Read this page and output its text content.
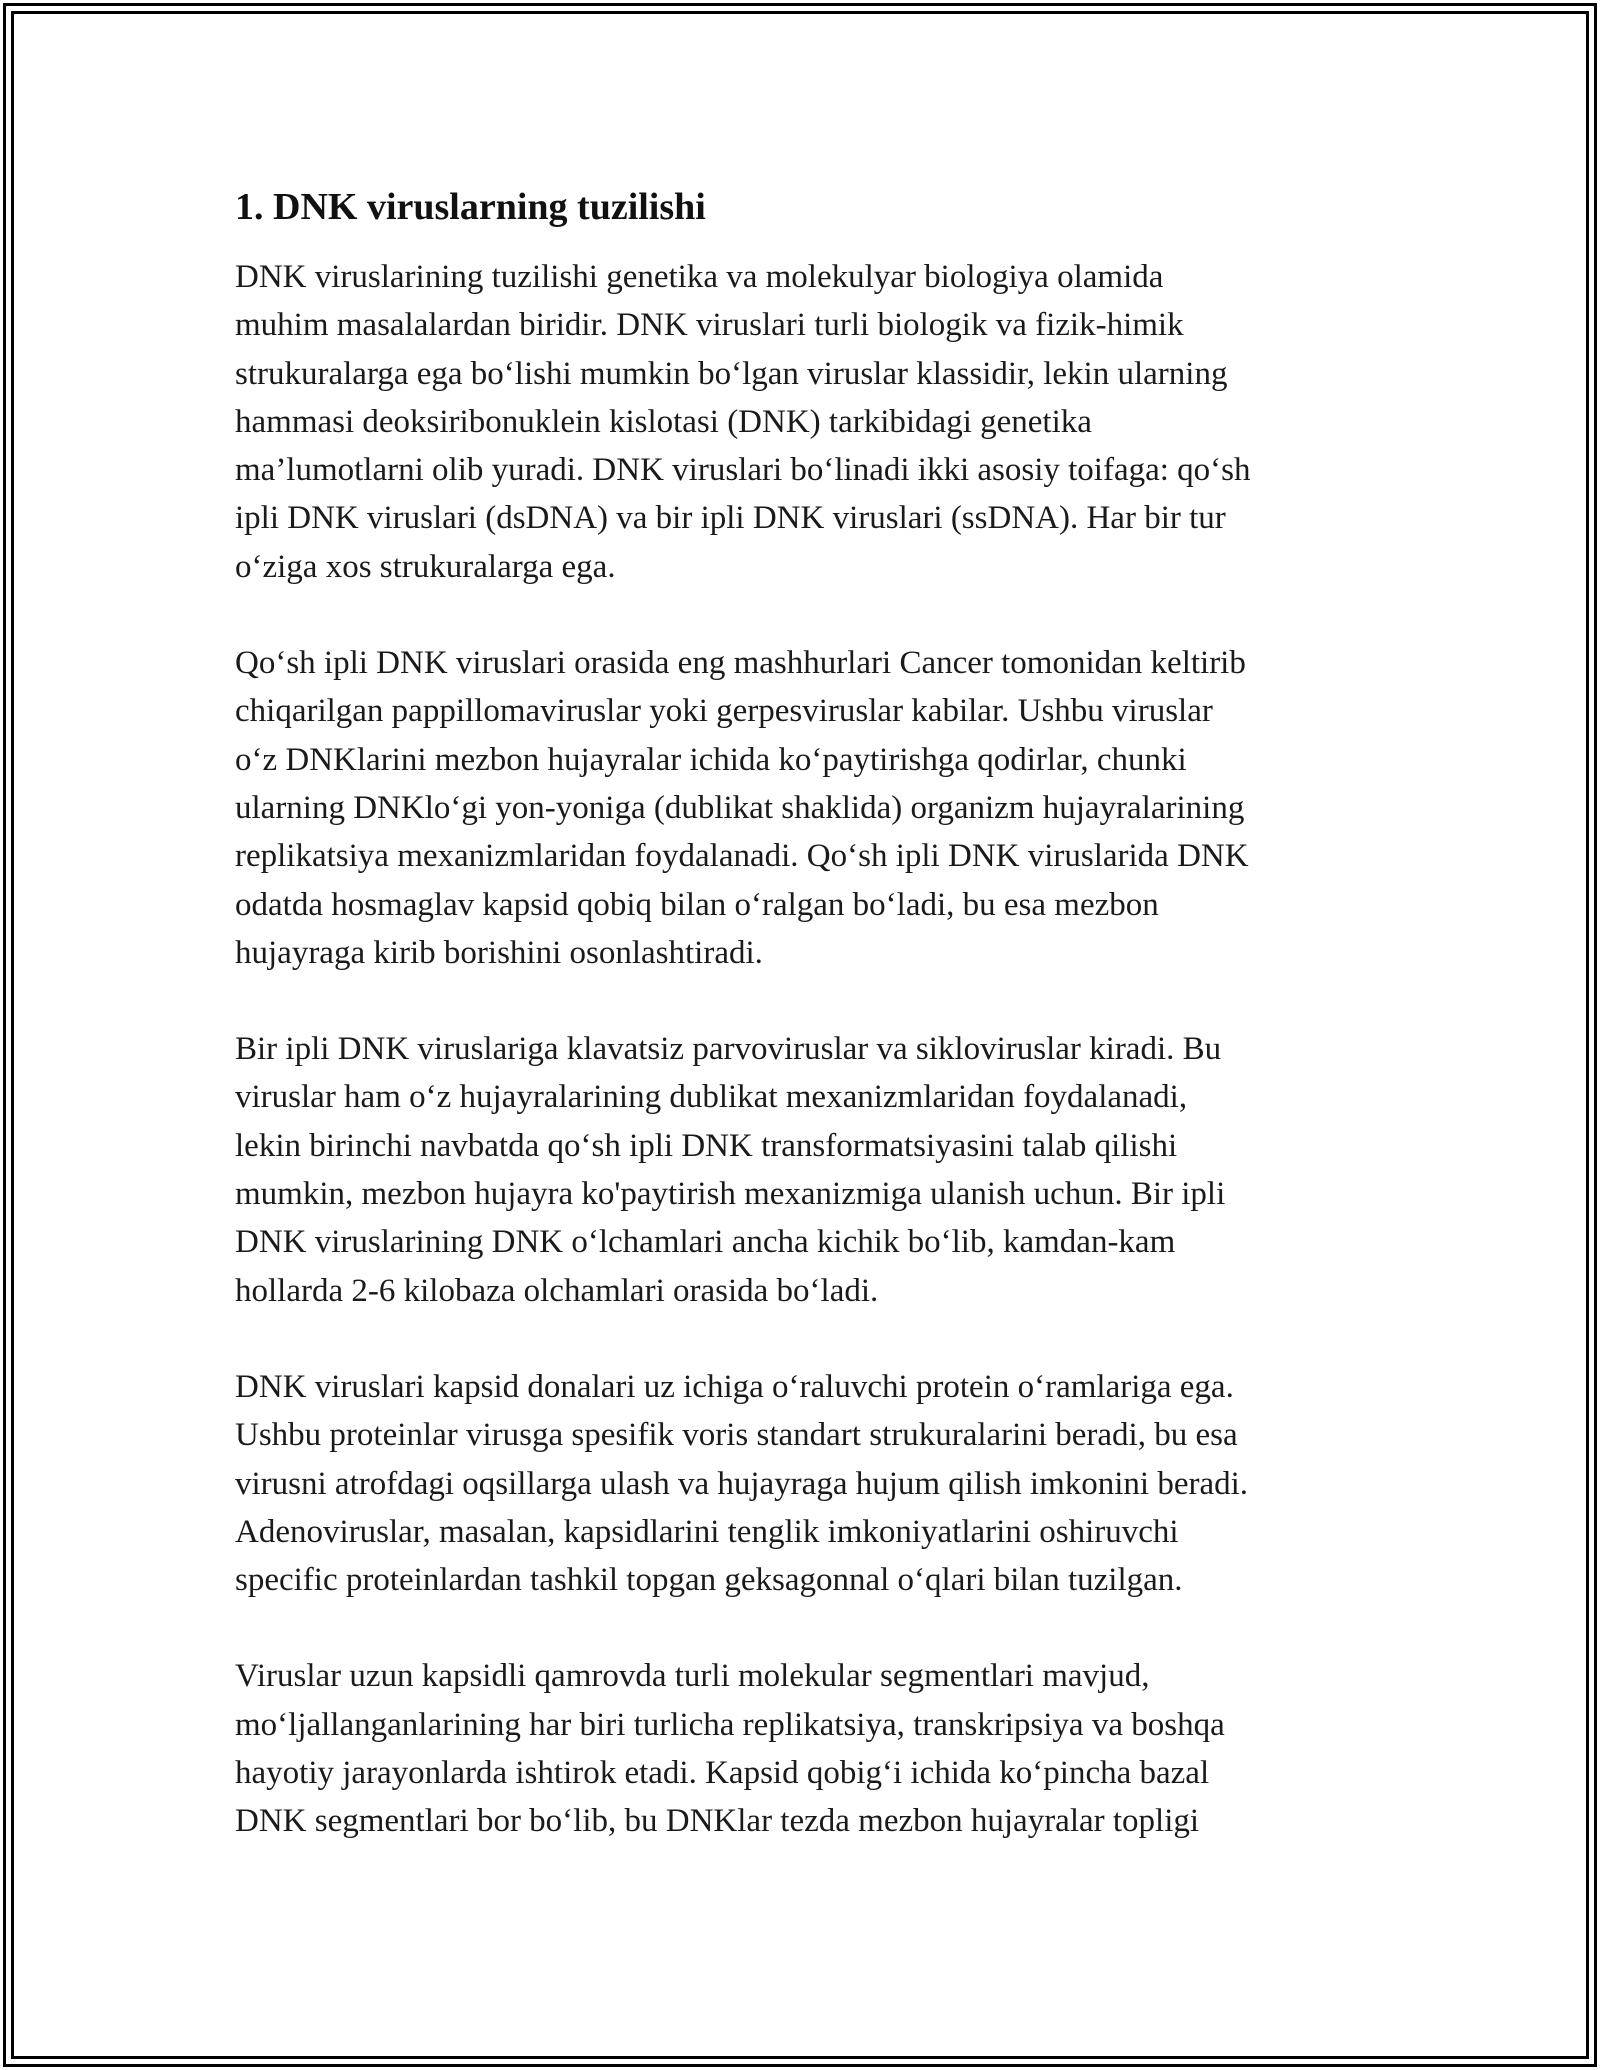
1. DNK viruslarning tuzilishi

DNK viruslarining tuzilishi genetika va molekulyar biologiya olamida
muhim masalalardan biridir. DNK viruslari turli biologik va fizik-himik
strukuralarga ega bo‘lishi mumkin bo‘lgan viruslar klassidir, lekin ularning
hammasi deoksiribonuklein kislotasi (DNK) tarkibidagi genetika
ma’lumotlarni olib yuradi. DNK viruslari bo‘linadi ikki asosiy toifaga: qo‘sh
ipli DNK viruslari (dsDNA) va bir ipli DNK viruslari (ssDNA). Har bir tur
o‘ziga xos strukuralarga ega.

Qo‘sh ipli DNK viruslari orasida eng mashhurlari Cancer tomonidan keltirib
chiqarilgan pappillomaviruslar yoki gerpesviruslar kabilar. Ushbu viruslar
o‘z DNKlarini mezbon hujayralar ichida ko‘paytirishga qodirlar, chunki
ularning DNKlo‘gi yon-yoniga (dublikat shaklida) organizm hujayralarining
replikatsiya mexanizmlaridan foydalanadi. Qo‘sh ipli DNK viruslarida DNK
odatda hosmaglav kapsid qobiq bilan o‘ralgan bo‘ladi, bu esa mezbon
hujayraga kirib borishini osonlashtiradi.

Bir ipli DNK viruslariga klavatsiz parvoviruslar va sikloviruslar kiradi. Bu
viruslar ham o‘z hujayralarining dublikat mexanizmlaridan foydalanadi,
lekin birinchi navbatda qo‘sh ipli DNK transformatsiyasini talab qilishi
mumkin, mezbon hujayra ko'paytirish mexanizmiga ulanish uchun. Bir ipli
DNK viruslarining DNK o‘lchamlari ancha kichik bo‘lib, kamdan-kam
hollarda 2-6 kilobaza olchamlari orasida bo‘ladi.

DNK viruslari kapsid donalari uz ichiga o‘raluvchi protein o‘ramlariga ega.
Ushbu proteinlar virusga spesifik voris standart strukuralarini beradi, bu esa
virusni atrofdagi oqsillarga ulash va hujayraga hujum qilish imkonini beradi.
Adenoviruslar, masalan, kapsidlarini tenglik imkoniyatlarini oshiruvchi
specific proteinlardan tashkil topgan geksagonnal o‘qlari bilan tuzilgan.

Viruslar uzun kapsidli qamrovda turli molekular segmentlari mavjud,
mo‘ljallanganlarining har biri turlicha replikatsiya, transkripsiya va boshqa
hayotiy jarayonlarda ishtirok etadi. Kapsid qobig‘i ichida ko‘pincha bazal
DNK segmentlari bor bo‘lib, bu DNKlar tezda mezbon hujayralar topligi
